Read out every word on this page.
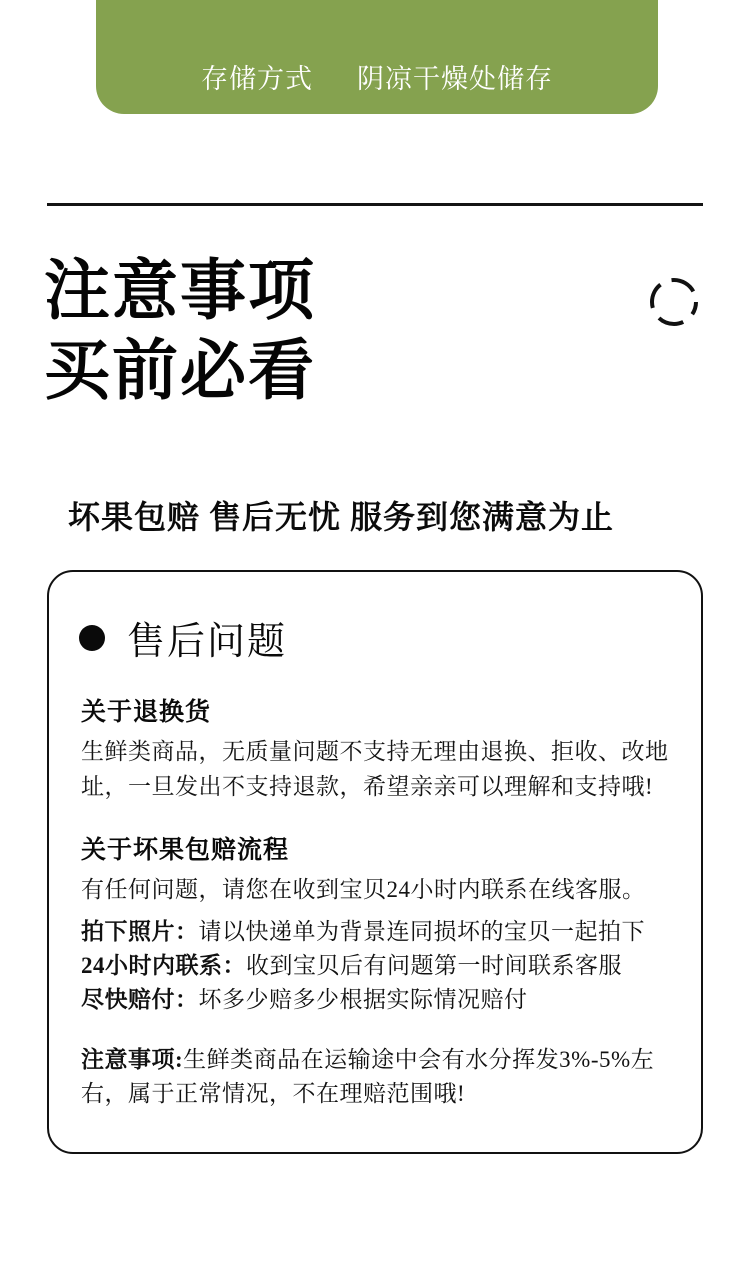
存储方式 阴凉干燥处储存
注意事项
买前必看
坏果包赔 售后无忧 服务到您满意为止
售后问题

关于退换货

生鲜类商品，无质量问题不支持无理由退换、拒收、改地址，一旦发出不支持退款，希望亲亲可以理解和支持哦!

关于坏果包赔流程

有任何问题，请您在收到宝贝24小时内联系在线客服。

拍下照片：请以快递单为背景连同损坏的宝贝一起拍下
24小时内联系：收到宝贝后有问题第一时间联系客服
尽快赔付：坏多少赔多少根据实际情况赔付
注意事项:生鲜类商品在运输途中会有水分挥发3%-5%左右，属于正常情况，不在理赔范围哦!
